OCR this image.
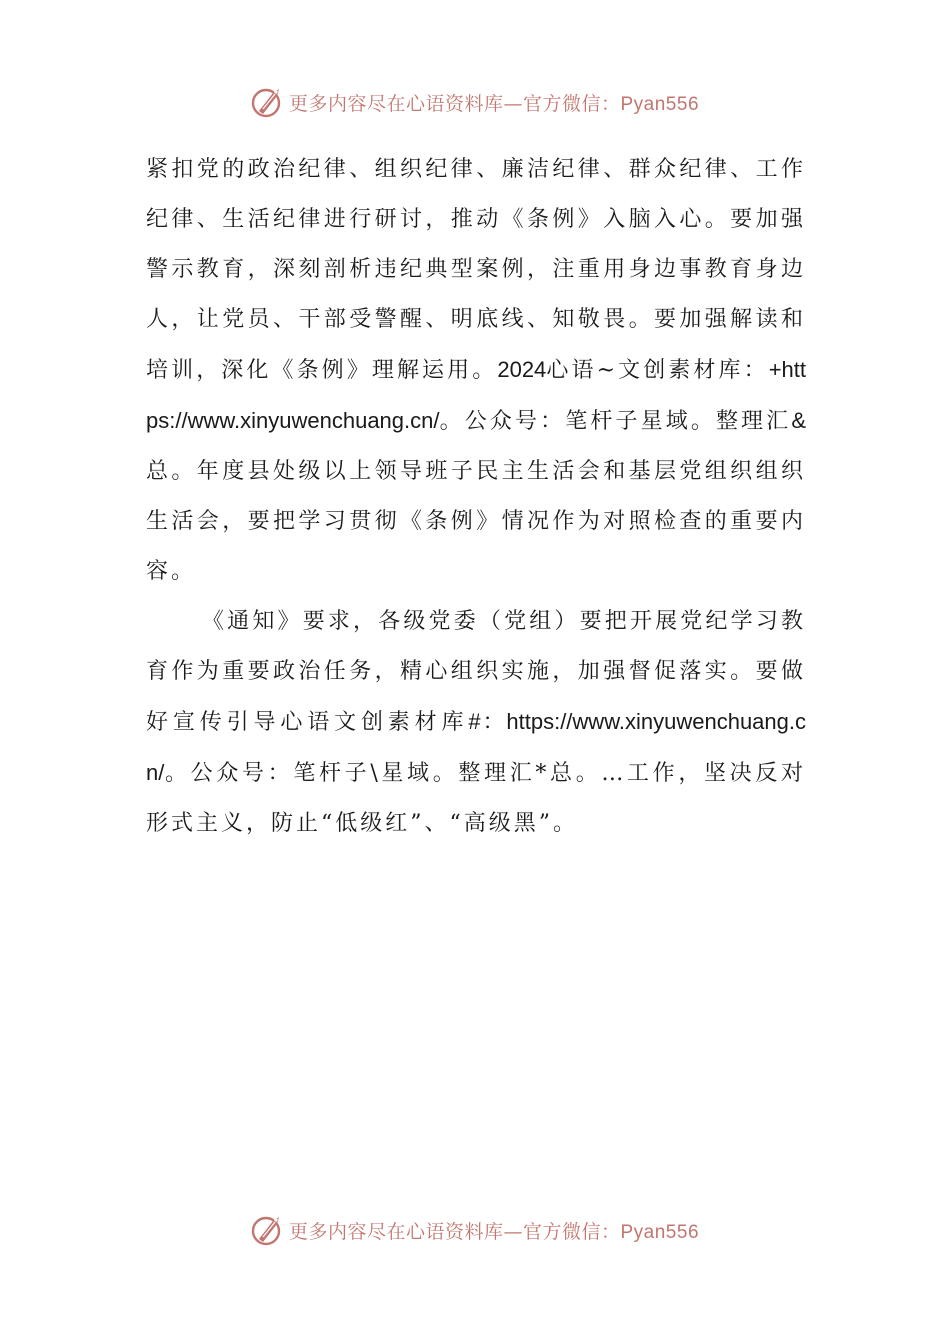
更多内容尽在心语资料库—官方微信：Pyan556

紧扣党的政治纪律、组织纪律、廉洁纪律、群众纪律、工作纪律、生活纪律进行研讨，推动《条例》入脑入心。要加强警示教育，深刻剖析违纪典型案例，注重用身边事教育身边人，让党员、干部受警醒、明底线、知敬畏。要加强解读和培训，深化《条例》理解运用。2024心语~文创素材库：+https://www.xinyuwenchuang.cn/。公众号：笔杆子星域。整理汇&总。年度县处级以上领导班子民主生活会和基层党组织组织生活会，要把学习贯彻《条例》情况作为对照检查的重要内容。

《通知》要求，各级党委（党组）要把开展党纪学习教育作为重要政治任务，精心组织实施，加强督促落实。要做好宣传引导心语文创素材库#：https://www.xinyuwenchuang.cn/。公众号：笔杆子\星域。整理汇*总。…工作，坚决反对形式主义，防止“低级红”、“高级黑”。

更多内容尽在心语资料库—官方微信：Pyan556
